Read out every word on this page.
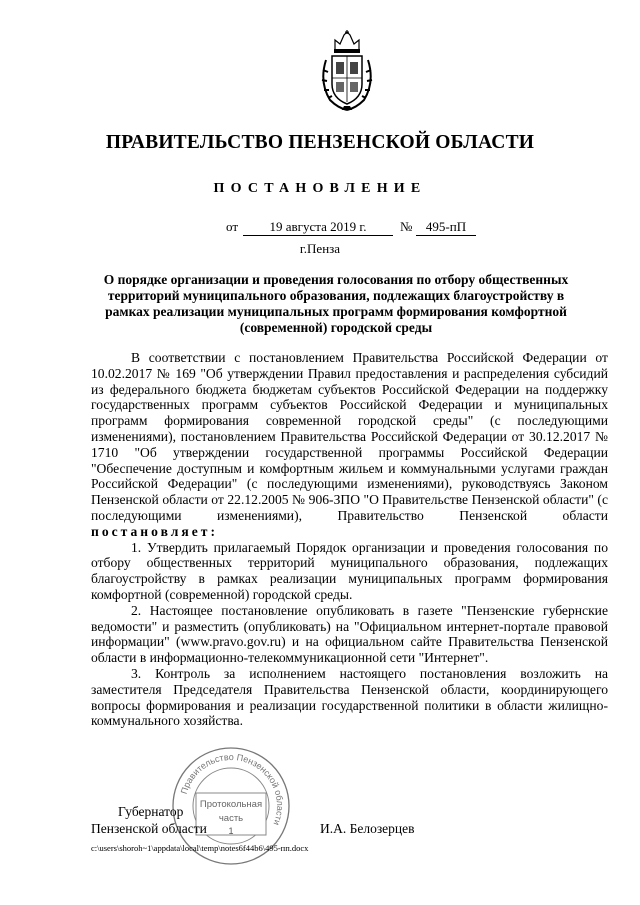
ПРАВИТЕЛЬСТВО ПЕНЗЕНСКОЙ ОБЛАСТИ
ПОСТАНОВЛЕНИЕ
от	19 августа 2019 г.	№	495-пП
г.Пенза
О порядке организации и проведения голосования по отбору общественных территорий муниципального образования, подлежащих благоустройству в рамках реализации муниципальных программ формирования комфортной (современной) городской среды

В соответствии с постановлением Правительства Российской Федерации от 10.02.2017 № 169 "Об утверждении Правил предоставления и распределения субсидий из федерального бюджета бюджетам субъектов Российской Федерации на поддержку государственных программ субъектов Российской Федерации и муниципальных программ формирования современной городской среды" (с последующими изменениями), постановлением Правительства Российской Федерации от 30.12.2017 № 1710 "Об утверждении государственной программы Российской Федерации "Обеспечение доступным и комфортным жильем и коммунальными услугами граждан Российской Федерации" (с последующими изменениями), руководствуясь Законом Пензенской области от 22.12.2005 № 906-ЗПО "О Правительстве Пензенской области" (с последующими изменениями), Правительство Пензенской области постановляет:

1. Утвердить прилагаемый Порядок организации и проведения голосования по отбору общественных территорий муниципального образования, подлежащих благоустройству в рамках реализации муниципальных программ формирования комфортной (современной) городской среды.

2. Настоящее постановление опубликовать в газете "Пензенские губернские ведомости" и разместить (опубликовать) на "Официальном интернет-портале правовой информации" (www.pravo.gov.ru) и на официальном сайте Правительства Пензенской области в информационно-телекоммуникационной сети "Интернет".

3. Контроль за исполнением настоящего постановления возложить на заместителя Председателя Правительства Пензенской области, координирующего вопросы формирования и реализации государственной политики в области жилищно-коммунального хозяйства.

Правительство Пензенской области
Протокольная
часть
1
Губернатор
Пензенской области	И.А. Белозерцев
c:\users\shoroh~1\appdata\local\temp\notes6f44b6\495-пп.docx
